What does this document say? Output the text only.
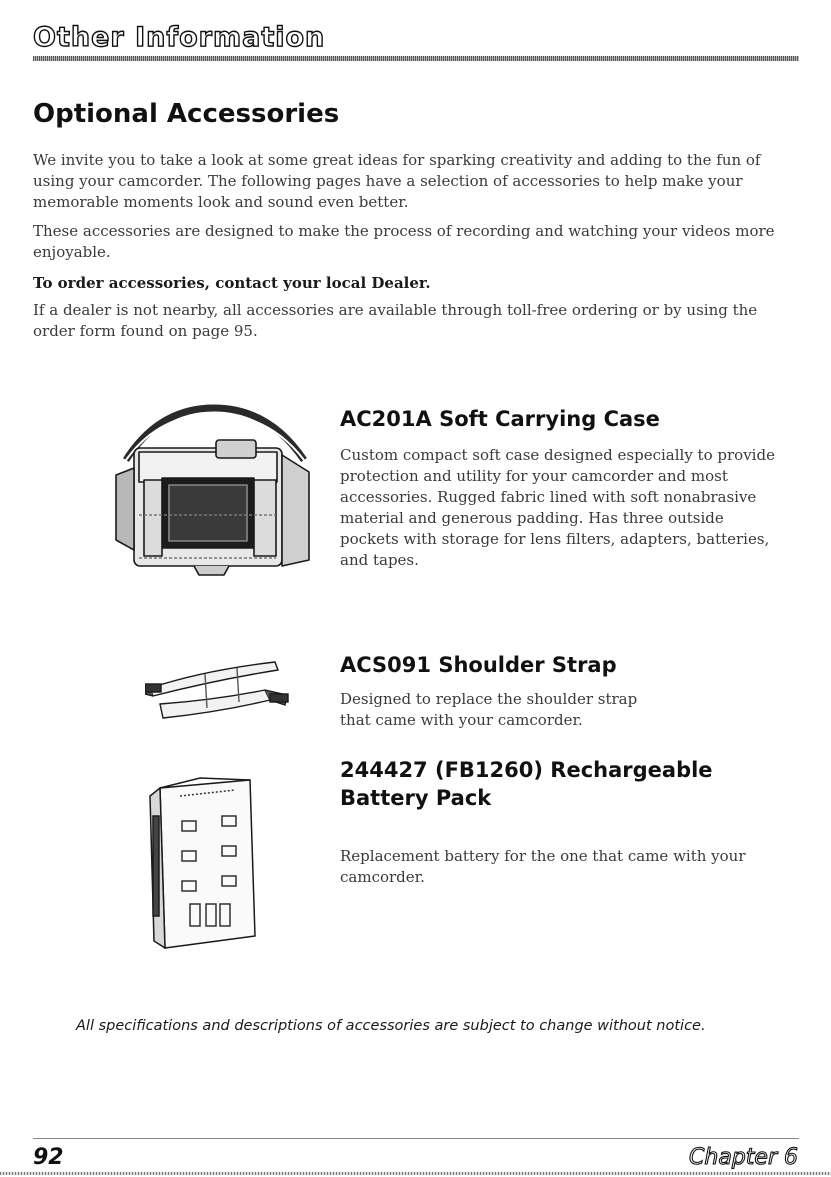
Other Information
Optional Accessories

We invite you to take a look at some great ideas for sparking creativity and adding to the fun of using your camcorder. The following pages have a selection of accessories to help make your memorable moments look and sound even better.

These accessories are designed to make the process of recording and watching your videos more enjoyable.

To order accessories, contact your local Dealer.

If a dealer is not nearby, all accessories are available through toll-free ordering or by using the order form found on page 95.

AC201A Soft Carrying Case

Custom compact soft case designed especially to provide protection and utility for your camcorder and most accessories. Rugged fabric lined with soft nonabrasive material and generous padding. Has three outside pockets with storage for lens filters, adapters, batteries, and tapes.

ACS091 Shoulder Strap

Designed to replace the shoulder strap that came with your camcorder.

244427 (FB1260) Rechargeable Battery Pack

Replacement battery for the one that came with your camcorder.

All specifications and descriptions of accessories are subject to change without notice.

92	Chapter 6
